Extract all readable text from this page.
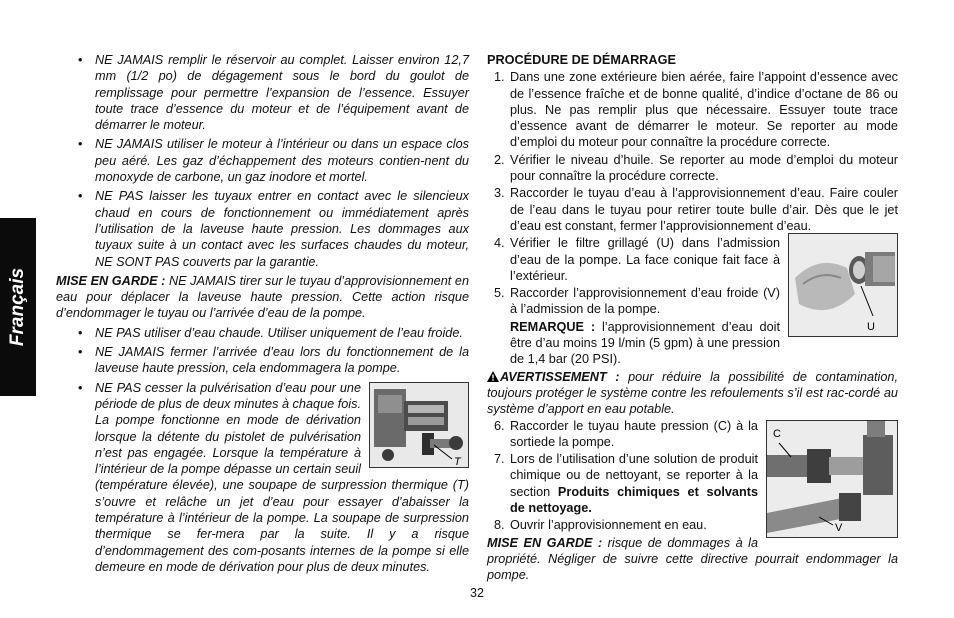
Français
• NE JAMAIS remplir le réservoir au complet. Laisser environ 12,7 mm (1/2 po) de dégagement sous le bord du goulot de remplissage pour permettre l’expansion de l’essence. Essuyer toute trace d’essence du moteur et de l’équipement avant de démarrer le moteur.
• NE JAMAIS utiliser le moteur à l’intérieur ou dans un espace clos peu aéré. Les gaz d’échappement des moteurs contien-nent du monoxyde de carbone, un gaz inodore et mortel.
• NE PAS laisser les tuyaux entrer en contact avec le silencieux chaud en cours de fonctionnement ou immédiatement après l’utilisation de la laveuse haute pression. Les dommages aux tuyaux suite à un contact avec les surfaces chaudes du moteur, NE SONT PAS couverts par la garantie.

MISE EN GARDE : NE JAMAIS tirer sur le tuyau d’approvisionnement en eau pour déplacer la laveuse haute pression. Cette action risque d’endommager le tuyau ou l’arrivée d’eau de la pompe.

• NE PAS utiliser d’eau chaude. Utiliser uniquement de l’eau froide.
• NE JAMAIS fermer l’arrivée d’eau lors du fonctionnement de la laveuse haute pression, cela endommagera la pompe.
• T
NE PAS cesser la pulvérisation d’eau pour une période de plus de deux minutes à chaque fois. La pompe fonctionne en mode de dérivation lorsque la détente du pistolet de pulvérisation n’est pas engagée. Lorsque la température à l’intérieur de la pompe dépasse un certain seuil (température élevée), une soupape de surpression thermique (T) s’ouvre et relâche un jet d’eau pour essayer d’abaisser la température à l’intérieur de la pompe. La soupape de surpression thermique se fer-mera par la suite. Il y a risque d’endommagement des com-posants internes de la pompe si elle demeure en mode de dérivation pour plus de deux minutes.
PROCÉDURE DE DÉMARRAGE
1. Dans une zone extérieure bien aérée, faire l’appoint d’essence avec de l’essence fraîche et de bonne qualité, d’indice d’octane de 86 ou plus. Ne pas remplir plus que nécessaire. Essuyer toute trace d’essence avant de démarrer le moteur. Se reporter au mode d’emploi du moteur pour connaître la procédure correcte.
2. Vérifier le niveau d’huile. Se reporter au mode d’emploi du moteur pour connaître la procédure correcte.
3. Raccorder le tuyau d’eau à l’approvisionnement d’eau. Faire couler de l’eau dans le tuyau pour retirer toute bulle d’air. Dès que le jet d’eau est constant, fermer l’approvisionnement d’eau.
U
4. Vérifier le filtre grillagé (U) dans l’admission d’eau de la pompe. La face conique fait face à l’extérieur.
5. Raccorder l’approvisionnement d’eau froide (V) à l’admission de la pompe.
REMARQUE : l’approvisionnement d’eau doit être d’au moins 19 l/min (5 gpm) à une pression de 1,4 bar (20 PSI).

AVERTISSEMENT : pour réduire la possibilité de contamination, toujours protéger le système contre les refoulements s’il est rac-cordé au système d’apport en eau potable.

C
V
6. Raccorder le tuyau haute pression (C) à la sortiede la pompe.
7. Lors de l’utilisation d’une solution de produit chimique ou de nettoyant, se reporter à la section Produits chimiques et solvants de nettoyage.
8. Ouvrir l’approvisionnement en eau.

MISE EN GARDE : risque de dommages à la propriété. Négliger de suivre cette directive pourrait endommager la pompe.

32
